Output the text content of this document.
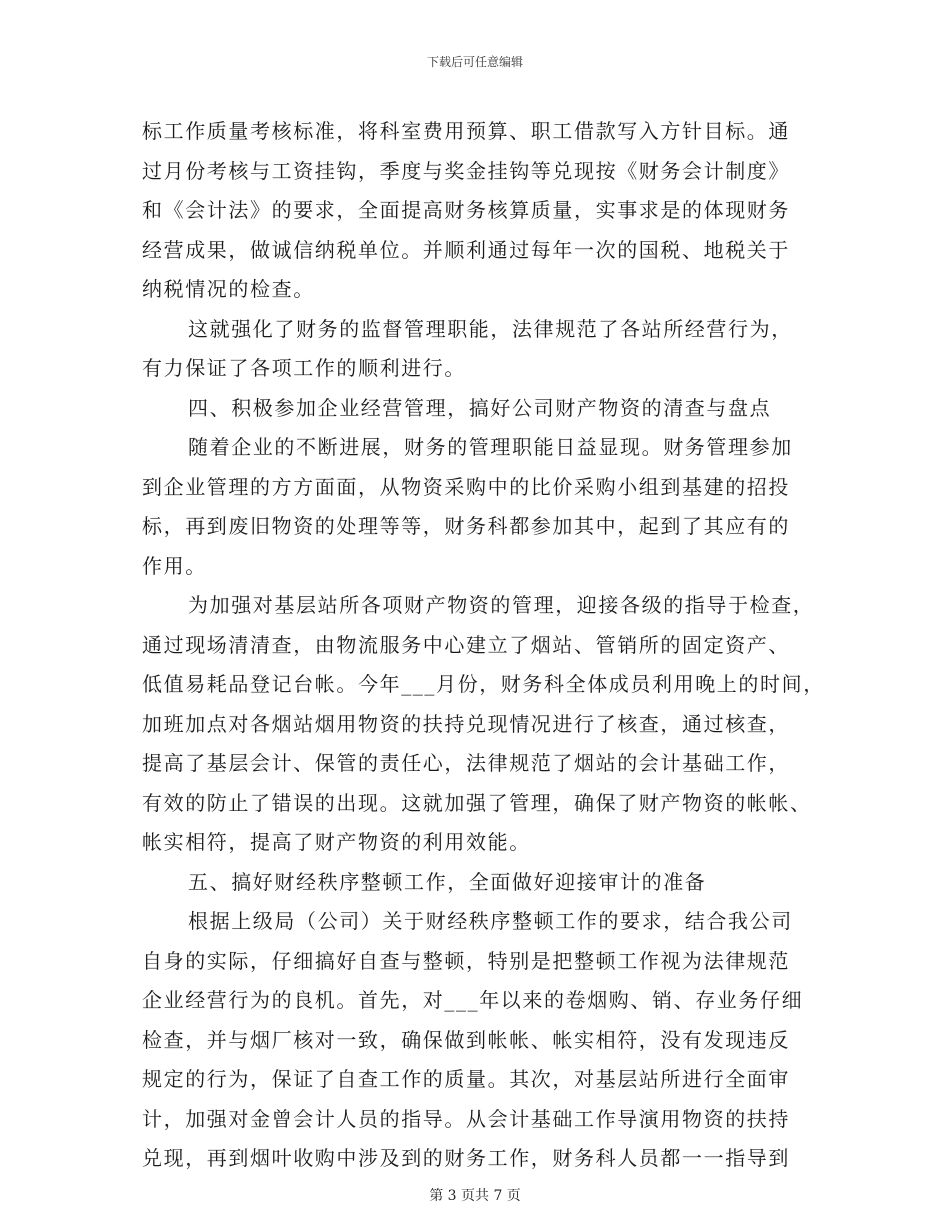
下载后可任意编辑
标工作质量考核标准，将科室费用预算、职工借款写入方针目标。通
过月份考核与工资挂钩，季度与奖金挂钩等兑现按《财务会计制度》
和《会计法》的要求，全面提高财务核算质量，实事求是的体现财务
经营成果，做诚信纳税单位。并顺利通过每年一次的国税、地税关于
纳税情况的检查。
这就强化了财务的监督管理职能，法律规范了各站所经营行为，
有力保证了各项工作的顺利进行。
四、积极参加企业经营管理，搞好公司财产物资的清查与盘点
随着企业的不断进展，财务的管理职能日益显现。财务管理参加
到企业管理的方方面面，从物资采购中的比价采购小组到基建的招投
标，再到废旧物资的处理等等，财务科都参加其中，起到了其应有的
作用。
为加强对基层站所各项财产物资的管理，迎接各级的指导于检查，
通过现场清清查，由物流服务中心建立了烟站、管销所的固定资产、
低值易耗品登记台帐。今年___月份，财务科全体成员利用晚上的时间，
加班加点对各烟站烟用物资的扶持兑现情况进行了核查，通过核查，
提高了基层会计、保管的责任心，法律规范了烟站的会计基础工作，
有效的防止了错误的出现。这就加强了管理，确保了财产物资的帐帐、
帐实相符，提高了财产物资的利用效能。
五、搞好财经秩序整顿工作，全面做好迎接审计的准备
根据上级局（公司）关于财经秩序整顿工作的要求，结合我公司
自身的实际，仔细搞好自查与整顿，特别是把整顿工作视为法律规范
企业经营行为的良机。首先，对___年以来的卷烟购、销、存业务仔细
检查，并与烟厂核对一致，确保做到帐帐、帐实相符，没有发现违反
规定的行为，保证了自查工作的质量。其次，对基层站所进行全面审
计，加强对金曾会计人员的指导。从会计基础工作导演用物资的扶持
兑现，再到烟叶收购中涉及到的财务工作，财务科人员都一一指导到
第 3 页共 7 页
